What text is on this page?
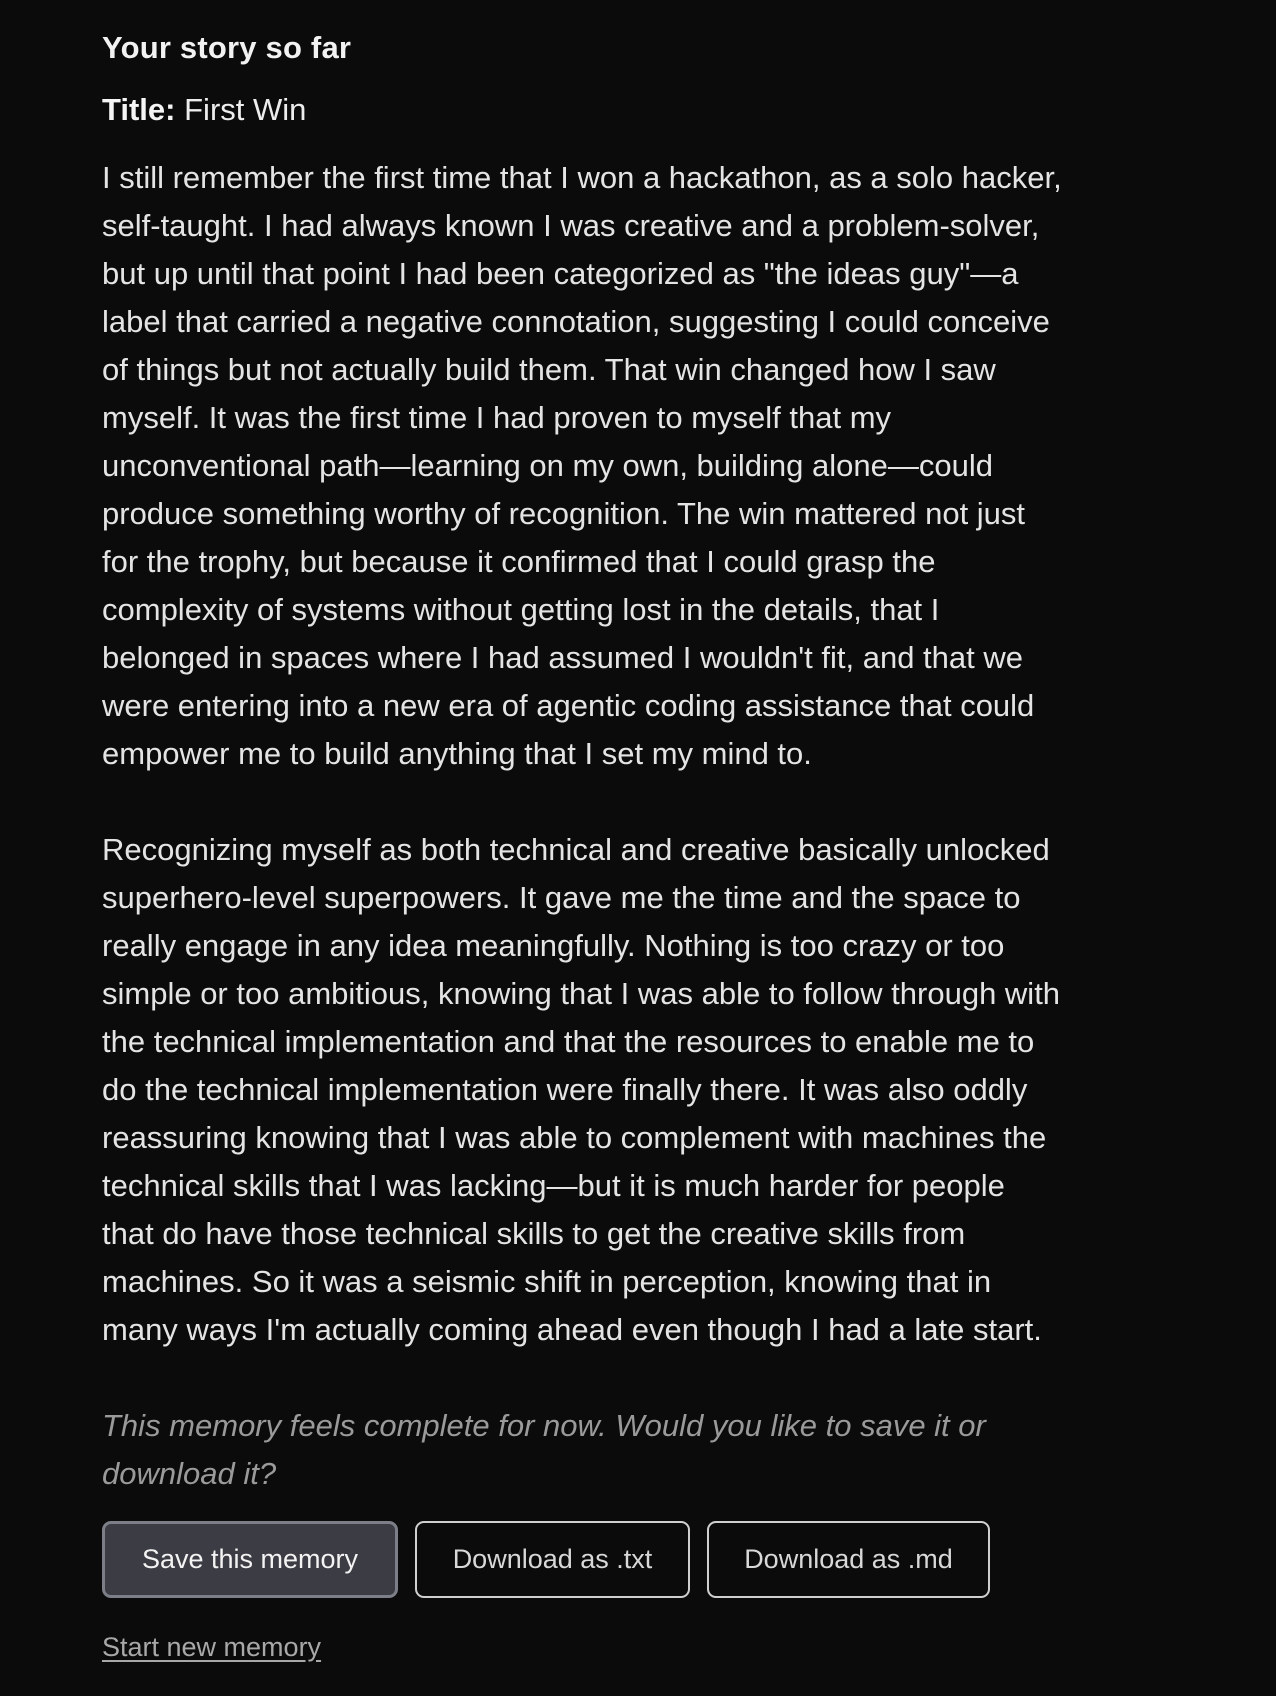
Your story so far
Title: First Win

I still remember the first time that I won a hackathon, as a solo hacker,
self-taught. I had always known I was creative and a problem-solver,
but up until that point I had been categorized as "the ideas guy"—a
label that carried a negative connotation, suggesting I could conceive
of things but not actually build them. That win changed how I saw
myself. It was the first time I had proven to myself that my
unconventional path—learning on my own, building alone—could
produce something worthy of recognition. The win mattered not just
for the trophy, but because it confirmed that I could grasp the
complexity of systems without getting lost in the details, that I
belonged in spaces where I had assumed I wouldn't fit, and that we
were entering into a new era of agentic coding assistance that could
empower me to build anything that I set my mind to.

Recognizing myself as both technical and creative basically unlocked
superhero-level superpowers. It gave me the time and the space to
really engage in any idea meaningfully. Nothing is too crazy or too
simple or too ambitious, knowing that I was able to follow through with
the technical implementation and that the resources to enable me to
do the technical implementation were finally there. It was also oddly
reassuring knowing that I was able to complement with machines the
technical skills that I was lacking—but it is much harder for people
that do have those technical skills to get the creative skills from
machines. So it was a seismic shift in perception, knowing that in
many ways I'm actually coming ahead even though I had a late start.

This memory feels complete for now. Would you like to save it or
download it?
Save this memory	Download as .txt	Download as .md
Start new memory
